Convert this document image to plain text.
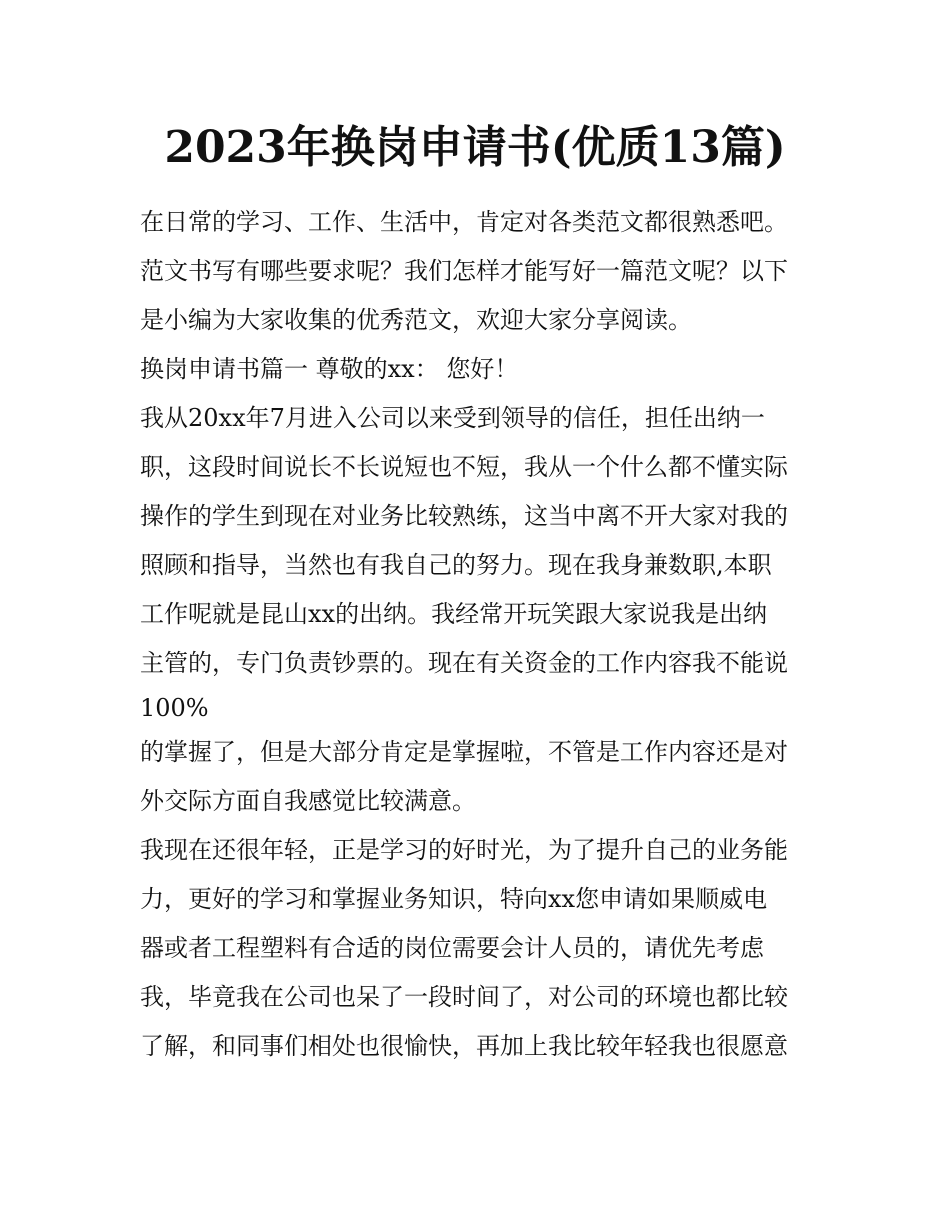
2023年换岗申请书(优质13篇)
在日常的学习、工作、生活中，肯定对各类范文都很熟悉吧。
范文书写有哪些要求呢？我们怎样才能写好一篇范文呢？以下
是小编为大家收集的优秀范文，欢迎大家分享阅读。
换岗申请书篇一 尊敬的xx： 您好！
我从20xx年7月进入公司以来受到领导的信任，担任出纳一
职，这段时间说长不长说短也不短，我从一个什么都不懂实际
操作的学生到现在对业务比较熟练，这当中离不开大家对我的
照顾和指导，当然也有我自己的努力。现在我身兼数职,本职
工作呢就是昆山xx的出纳。我经常开玩笑跟大家说我是出纳
主管的，专门负责钞票的。现在有关资金的工作内容我不能说
100%
的掌握了，但是大部分肯定是掌握啦，不管是工作内容还是对
外交际方面自我感觉比较满意。
我现在还很年轻，正是学习的好时光，为了提升自己的业务能
力，更好的学习和掌握业务知识，特向xx您申请如果顺威电
器或者工程塑料有合适的岗位需要会计人员的，请优先考虑
我，毕竟我在公司也呆了一段时间了，对公司的环境也都比较
了解，和同事们相处也很愉快，再加上我比较年轻我也很愿意
